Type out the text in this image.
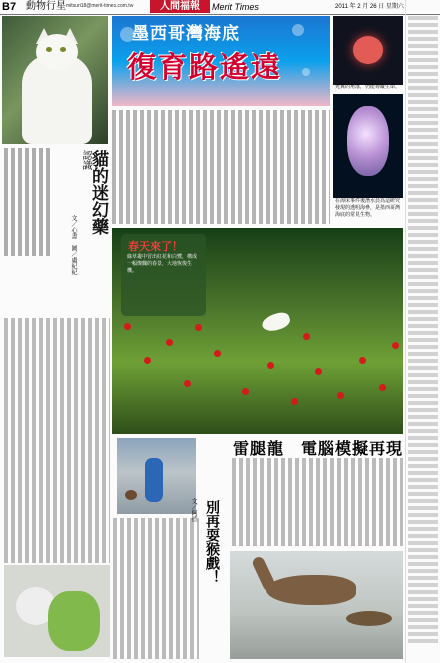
B7 動物行星 mitsuri18@merit-times.com.tw	人間福報	Merit Times	2011 年 2 月 26 日 星期六
認識
貓的迷幻藥
文／心書　圖／盧紀紀
墨西哥灣海底
復育路遙遠
死翼的角落，仍能尋蹤生命。
在海床事件後潛水員為這研究發現的透明海參，是墨西哥灣海底的常見生物。
春天來了！
綠草叢中冒出紅花和白鷺，構成一幅燦爛的春景，大地恢復生機。
別再耍猴戲！
文／阿德
雷腿龍　電腦模擬再現
